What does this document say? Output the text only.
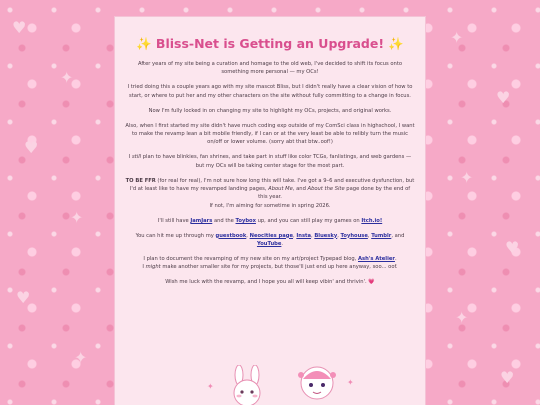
♥
✦
♥
✦
♥
✦
✦
♥
✦
♥
✦
♥
✨ Bliss-Net is Getting an Upgrade! ✨

After years of my site being a curation and homage to the old web, I've decided to shift its focus onto something more personal — my OCs!

I tried doing this a couple years ago with my site mascot Bliss, but I didn't really have a clear vision of how to start, or where to put her and my other characters on the site without fully committing to a change in focus.

Now I'm fully locked in on changing my site to highlight my OCs, projects, and original works.

Also, when I first started my site didn't have much coding exp outside of my ComSci class in highschool, I want to make the revamp lean a bit mobile friendly, if I can or at the very least be able to relibly turn the music on/off or lower volume. (sorry abt that btw..oof!)

I still plan to have blinkies, fan shrines, and take part in stuff like color TCGs, fanlistings, and web gardens — but my OCs will be taking center stage for the most part.

TO BE FFR (for real for real), I'm not sure how long this will take. I've got a 9–6 and executive dysfunction, but I'd at least like to have my revamped landing pages, About Me, and About the Site page done by the end of this year.
If not, I'm aiming for sometime in spring 2026.

I'll still have JamJars and the Toybox up, and you can still play my games on Itch.io!

You can hit me up through my guestbook, Neocities page, Insta, Bluesky, Toyhouse, Tumblr, and YouTube.

I plan to document the revamping of my new site on my art/project Typepad blog, Ash's Atelier.
I might make another smaller site for my projects, but those'll just end up here anyway, soo... oof.

Wish me luck with the revamp, and I hope you all will keep vibin' and thrivin'. 💗

✦	✦
